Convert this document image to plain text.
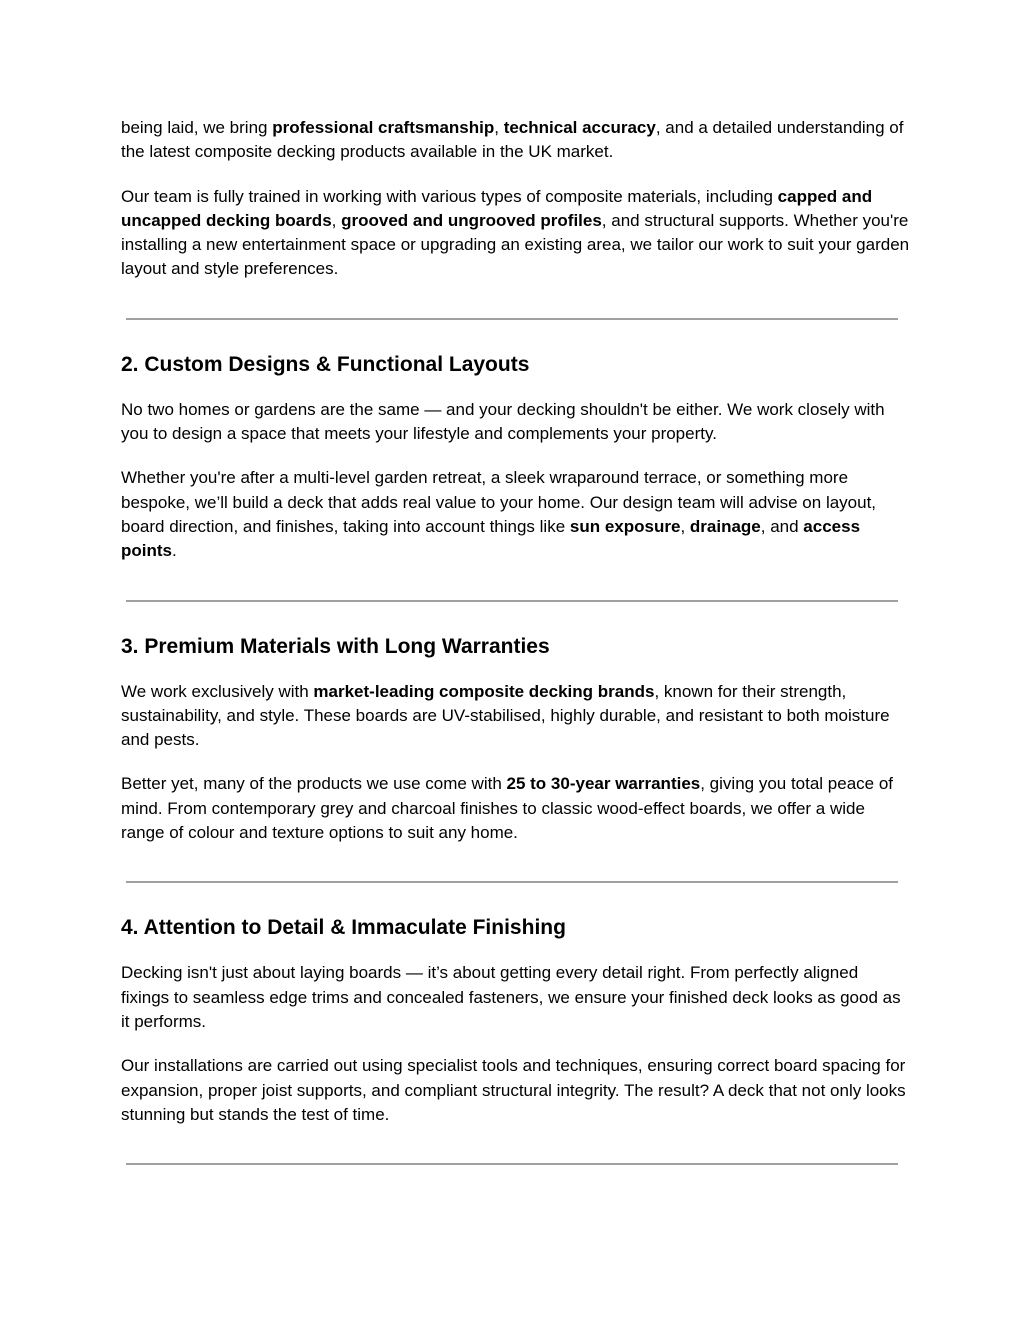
being laid, we bring professional craftsmanship, technical accuracy, and a detailed understanding of the latest composite decking products available in the UK market.

Our team is fully trained in working with various types of composite materials, including capped and uncapped decking boards, grooved and ungrooved profiles, and structural supports. Whether you're installing a new entertainment space or upgrading an existing area, we tailor our work to suit your garden layout and style preferences.

2. Custom Designs & Functional Layouts

No two homes or gardens are the same — and your decking shouldn't be either. We work closely with you to design a space that meets your lifestyle and complements your property.

Whether you're after a multi-level garden retreat, a sleek wraparound terrace, or something more bespoke, we’ll build a deck that adds real value to your home. Our design team will advise on layout, board direction, and finishes, taking into account things like sun exposure, drainage, and access points.

3. Premium Materials with Long Warranties

We work exclusively with market-leading composite decking brands, known for their strength, sustainability, and style. These boards are UV-stabilised, highly durable, and resistant to both moisture and pests.

Better yet, many of the products we use come with 25 to 30-year warranties, giving you total peace of mind. From contemporary grey and charcoal finishes to classic wood-effect boards, we offer a wide range of colour and texture options to suit any home.

4. Attention to Detail & Immaculate Finishing

Decking isn't just about laying boards — it’s about getting every detail right. From perfectly aligned fixings to seamless edge trims and concealed fasteners, we ensure your finished deck looks as good as it performs.

Our installations are carried out using specialist tools and techniques, ensuring correct board spacing for expansion, proper joist supports, and compliant structural integrity. The result? A deck that not only looks stunning but stands the test of time.
